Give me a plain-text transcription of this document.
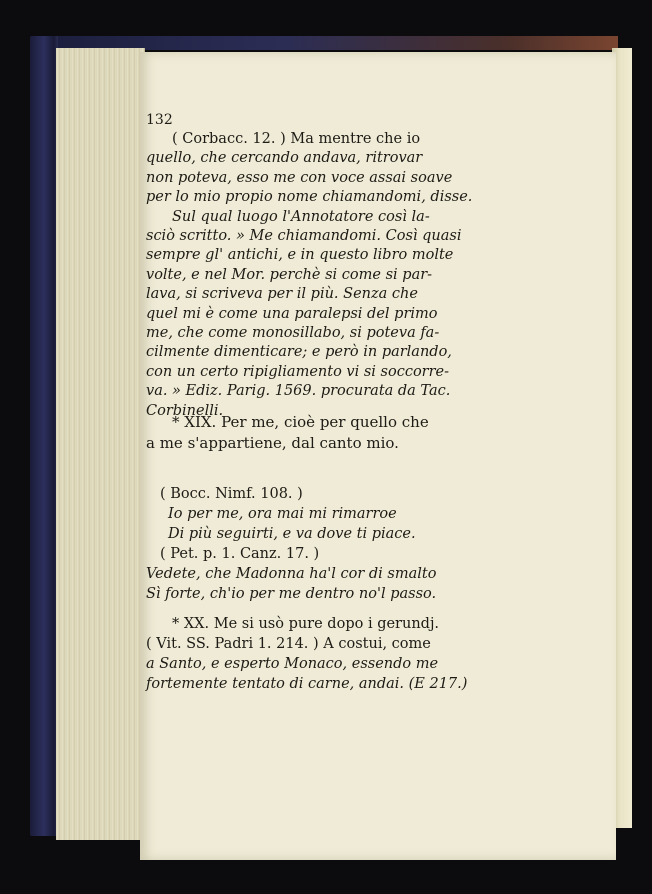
132
( Corbacc. 12. ) Ma mentre che io
quello, che cercando andava, ritrovar
non poteva, esso me con voce assai soave
per lo mio propio nome chiamandomi, disse.
Sul qual luogo l'Annotatore così la-
sciò scritto. » Me chiamandomi. Così quasi
sempre gl' antichi, e in questo libro molte
volte, e nel Mor. perchè si come si par-
lava, si scriveva per il più. Senza che
quel mi è come una paralepsi del primo
me, che come monosillabo, si poteva fa-
cilmente dimenticare; e però in parlando,
con un certo ripigliamento vi si soccorre-
va. » Ediz. Parig. 1569. procurata da Tac.
Corbinelli.
* XIX. Per me, cioè per quello che
a me s'appartiene, dal canto mio.
( Bocc. Nimf. 108. )
Io per me, ora mai mi rimarroe
Di più seguirti, e va dove ti piace.
( Pet. p. 1. Canz. 17. )
Vedete, che Madonna ha'l cor di smalto
Sì forte, ch'io per me dentro no'l passo.
* XX. Me si usò pure dopo i gerundj.
( Vit. SS. Padri 1. 214. ) A costui, come
a Santo, e esperto Monaco, essendo me
fortemente tentato di carne, andai. (E 217.)
